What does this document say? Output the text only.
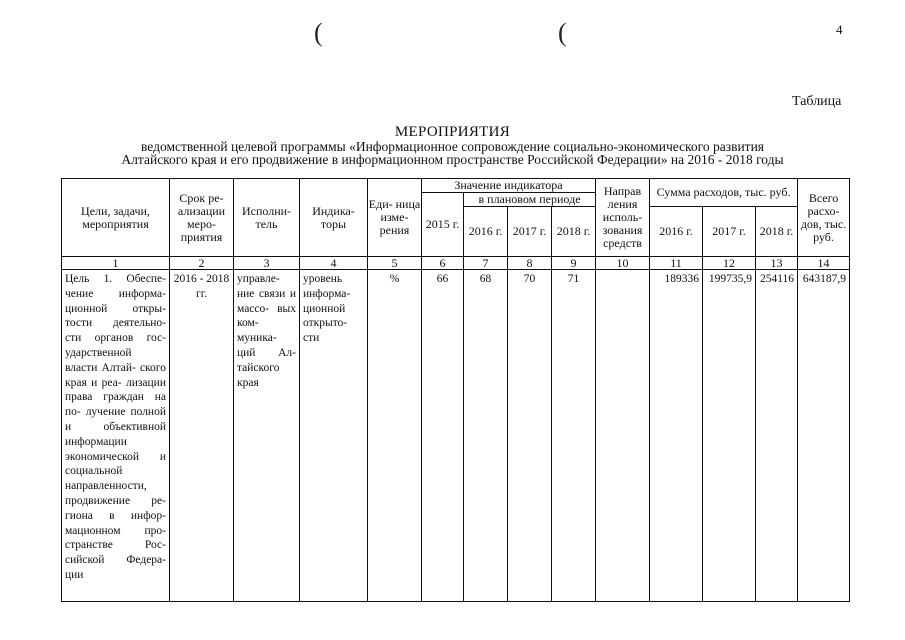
(	(	4
Таблица
МЕРОПРИЯТИЯ
ведомственной целевой программы «Информационное сопровождение социально-экономического развития
Алтайского края и его продвижение в информационном пространстве Российской Федерации» на 2016 - 2018 годы
Цели, задачи, мероприятия	Срок ре- ализации меро- приятия	Исполни- тель	Индика- торы	Еди- ница изме- рения	Значение индикатора				Направ ления исполь- зования средств	Сумма расходов, тыс. руб.			Всего расхо- дов, тыс. руб.
					2015 г.	в плановом периоде							
						2016 г.	2017 г.	2018 г.		2016 г.	2017 г.	2018 г.	
1	2	3	4	5	6	7	8	9	10	11	12	13	14
Цель 1. Обеспе- чение информа- ционной откры- тости деятельно- сти органов гос- ударственной власти Алтай- ского края и реа- лизации права граждан на по- лучение полной и объективной информации экономической и социальной направленности, продвижение ре- гиона в инфор- мационном про- странстве Рос- сийской Федера- ции	2016 - 2018 гг.	управле- ние связи и массо- вых ком- муника- ций Ал- тайского края	уровень информа- ционной открыто- сти	%	66	68	70	71		189336	199735,9	254116	643187,9
